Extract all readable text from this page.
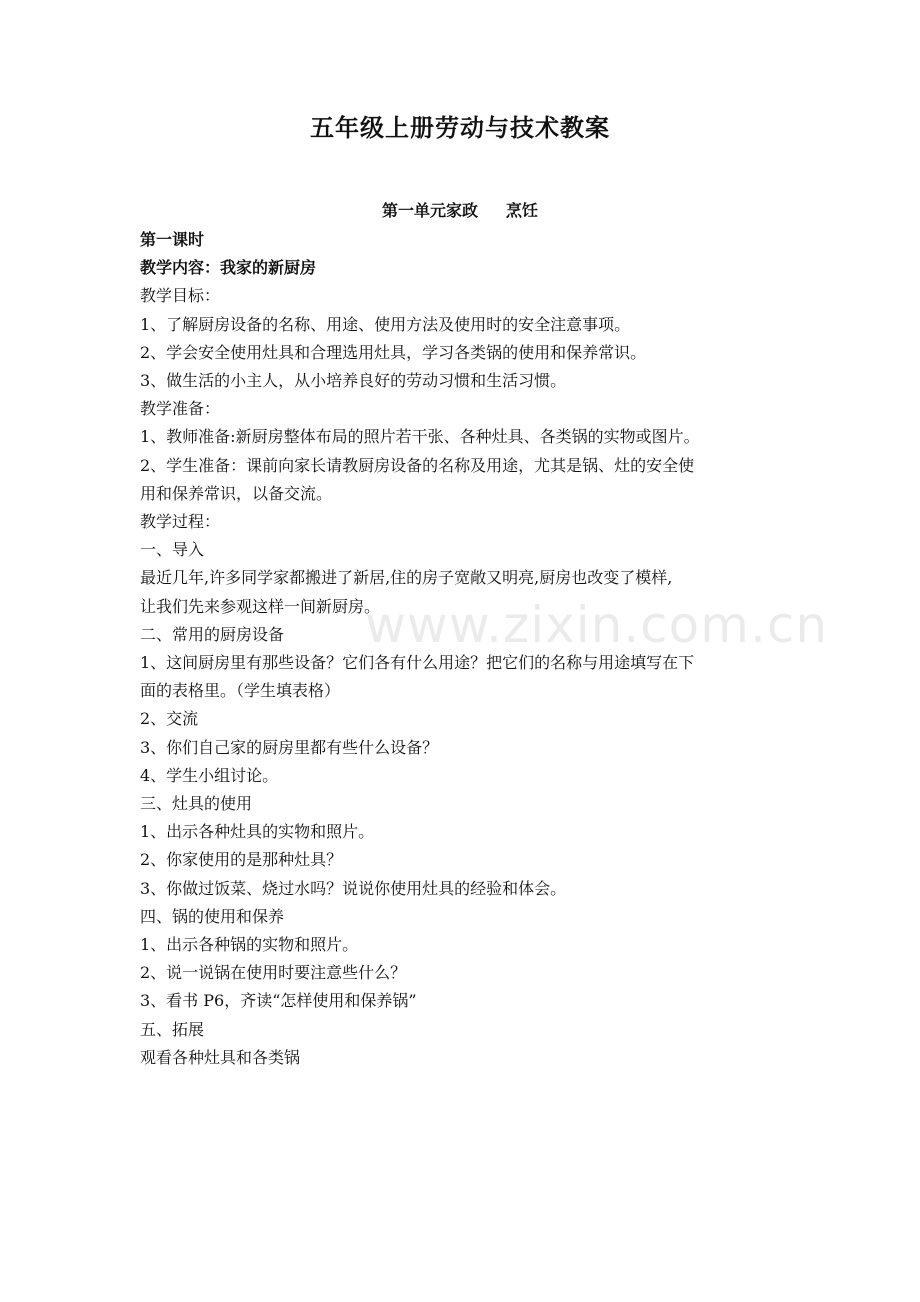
五年级上册劳动与技术教案
第一单元家政 烹饪

第一课时

教学内容：我家的新厨房

教学目标：

1、了解厨房设备的名称、用途、使用方法及使用时的安全注意事项。

2、学会安全使用灶具和合理选用灶具，学习各类锅的使用和保养常识。

3、做生活的小主人，从小培养良好的劳动习惯和生活习惯。

教学准备：

1、教师准备:新厨房整体布局的照片若干张、各种灶具、各类锅的实物或图片。

2、学生准备：课前向家长请教厨房设备的名称及用途，尤其是锅、灶的安全使

用和保养常识，以备交流。

教学过程：

一、导入

最近几年,许多同学家都搬进了新居,住的房子宽敞又明亮,厨房也改变了模样,

让我们先来参观这样一间新厨房。

二、常用的厨房设备

1、这间厨房里有那些设备？它们各有什么用途？把它们的名称与用途填写在下

面的表格里。（学生填表格）

2、交流

3、你们自己家的厨房里都有些什么设备？

4、学生小组讨论。

三、灶具的使用

1、出示各种灶具的实物和照片。

2、你家使用的是那种灶具？

3、你做过饭菜、烧过水吗？说说你使用灶具的经验和体会。

四、锅的使用和保养

1、出示各种锅的实物和照片。

2、说一说锅在使用时要注意些什么？

3、看书 P6，齐读“怎样使用和保养锅”

五、拓展

观看各种灶具和各类锅

www.zixin.com.cn
